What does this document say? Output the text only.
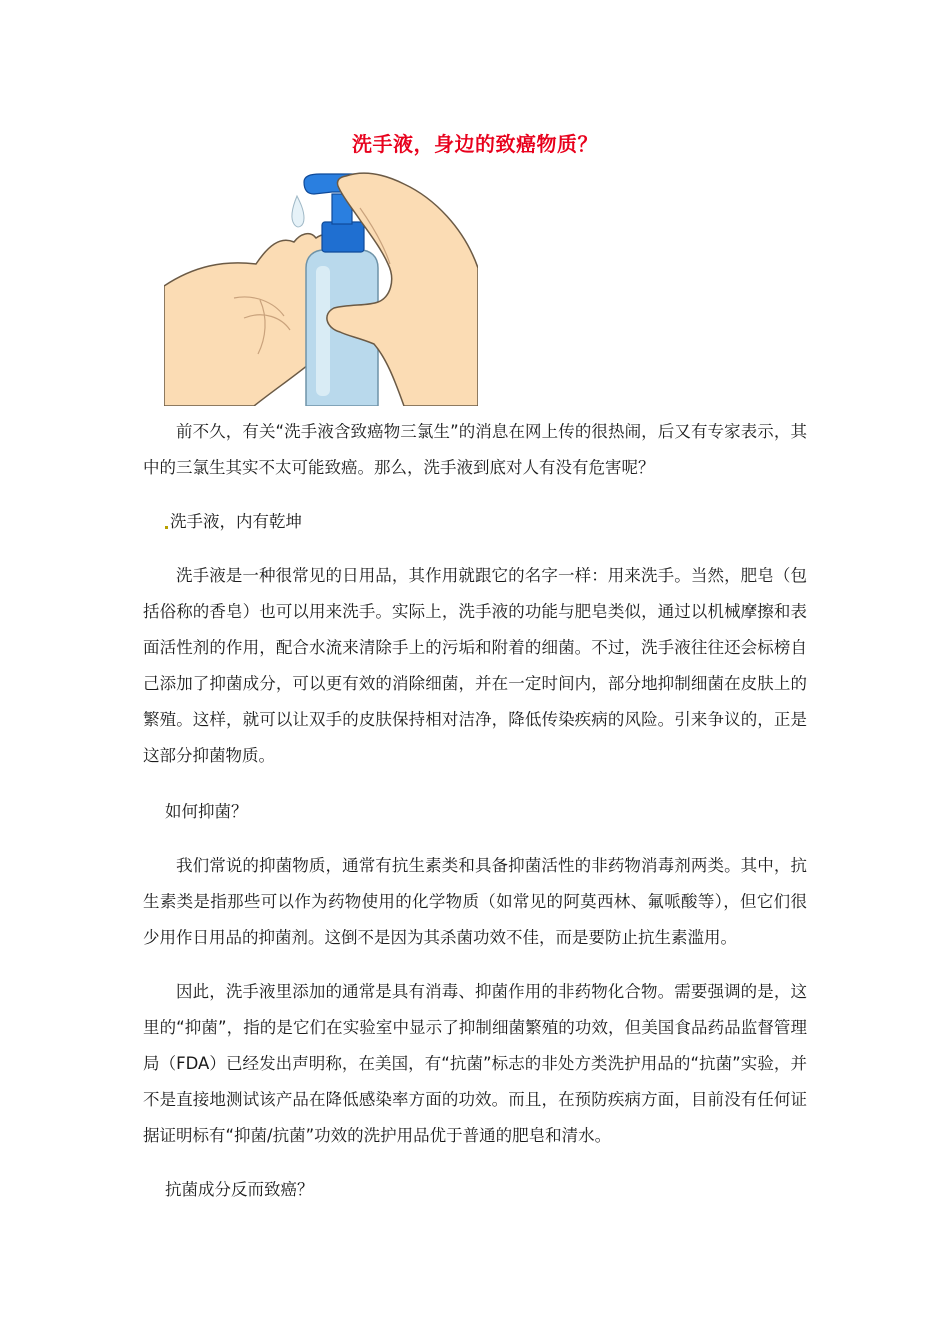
洗手液，身边的致癌物质？

前不久，有关“洗手液含致癌物三氯生”的消息在网上传的很热闹，后又有专家表示，其中的三氯生其实不太可能致癌。那么，洗手液到底对人有没有危害呢？

洗手液，内有乾坤

洗手液是一种很常见的日用品，其作用就跟它的名字一样：用来洗手。当然，肥皂（包括俗称的香皂）也可以用来洗手。实际上，洗手液的功能与肥皂类似，通过以机械摩擦和表面活性剂的作用，配合水流来清除手上的污垢和附着的细菌。不过，洗手液往往还会标榜自己添加了抑菌成分，可以更有效的消除细菌，并在一定时间内，部分地抑制细菌在皮肤上的繁殖。这样，就可以让双手的皮肤保持相对洁净，降低传染疾病的风险。引来争议的，正是这部分抑菌物质。

如何抑菌？

我们常说的抑菌物质，通常有抗生素类和具备抑菌活性的非药物消毒剂两类。其中，抗生素类是指那些可以作为药物使用的化学物质（如常见的阿莫西林、氟哌酸等），但它们很少用作日用品的抑菌剂。这倒不是因为其杀菌功效不佳，而是要防止抗生素滥用。

因此，洗手液里添加的通常是具有消毒、抑菌作用的非药物化合物。需要强调的是，这里的“抑菌”，指的是它们在实验室中显示了抑制细菌繁殖的功效，但美国食品药品监督管理局（FDA）已经发出声明称，在美国，有“抗菌”标志的非处方类洗护用品的“抗菌”实验，并不是直接地测试该产品在降低感染率方面的功效。而且，在预防疾病方面，目前没有任何证据证明标有“抑菌/抗菌”功效的洗护用品优于普通的肥皂和清水。

抗菌成分反而致癌？
